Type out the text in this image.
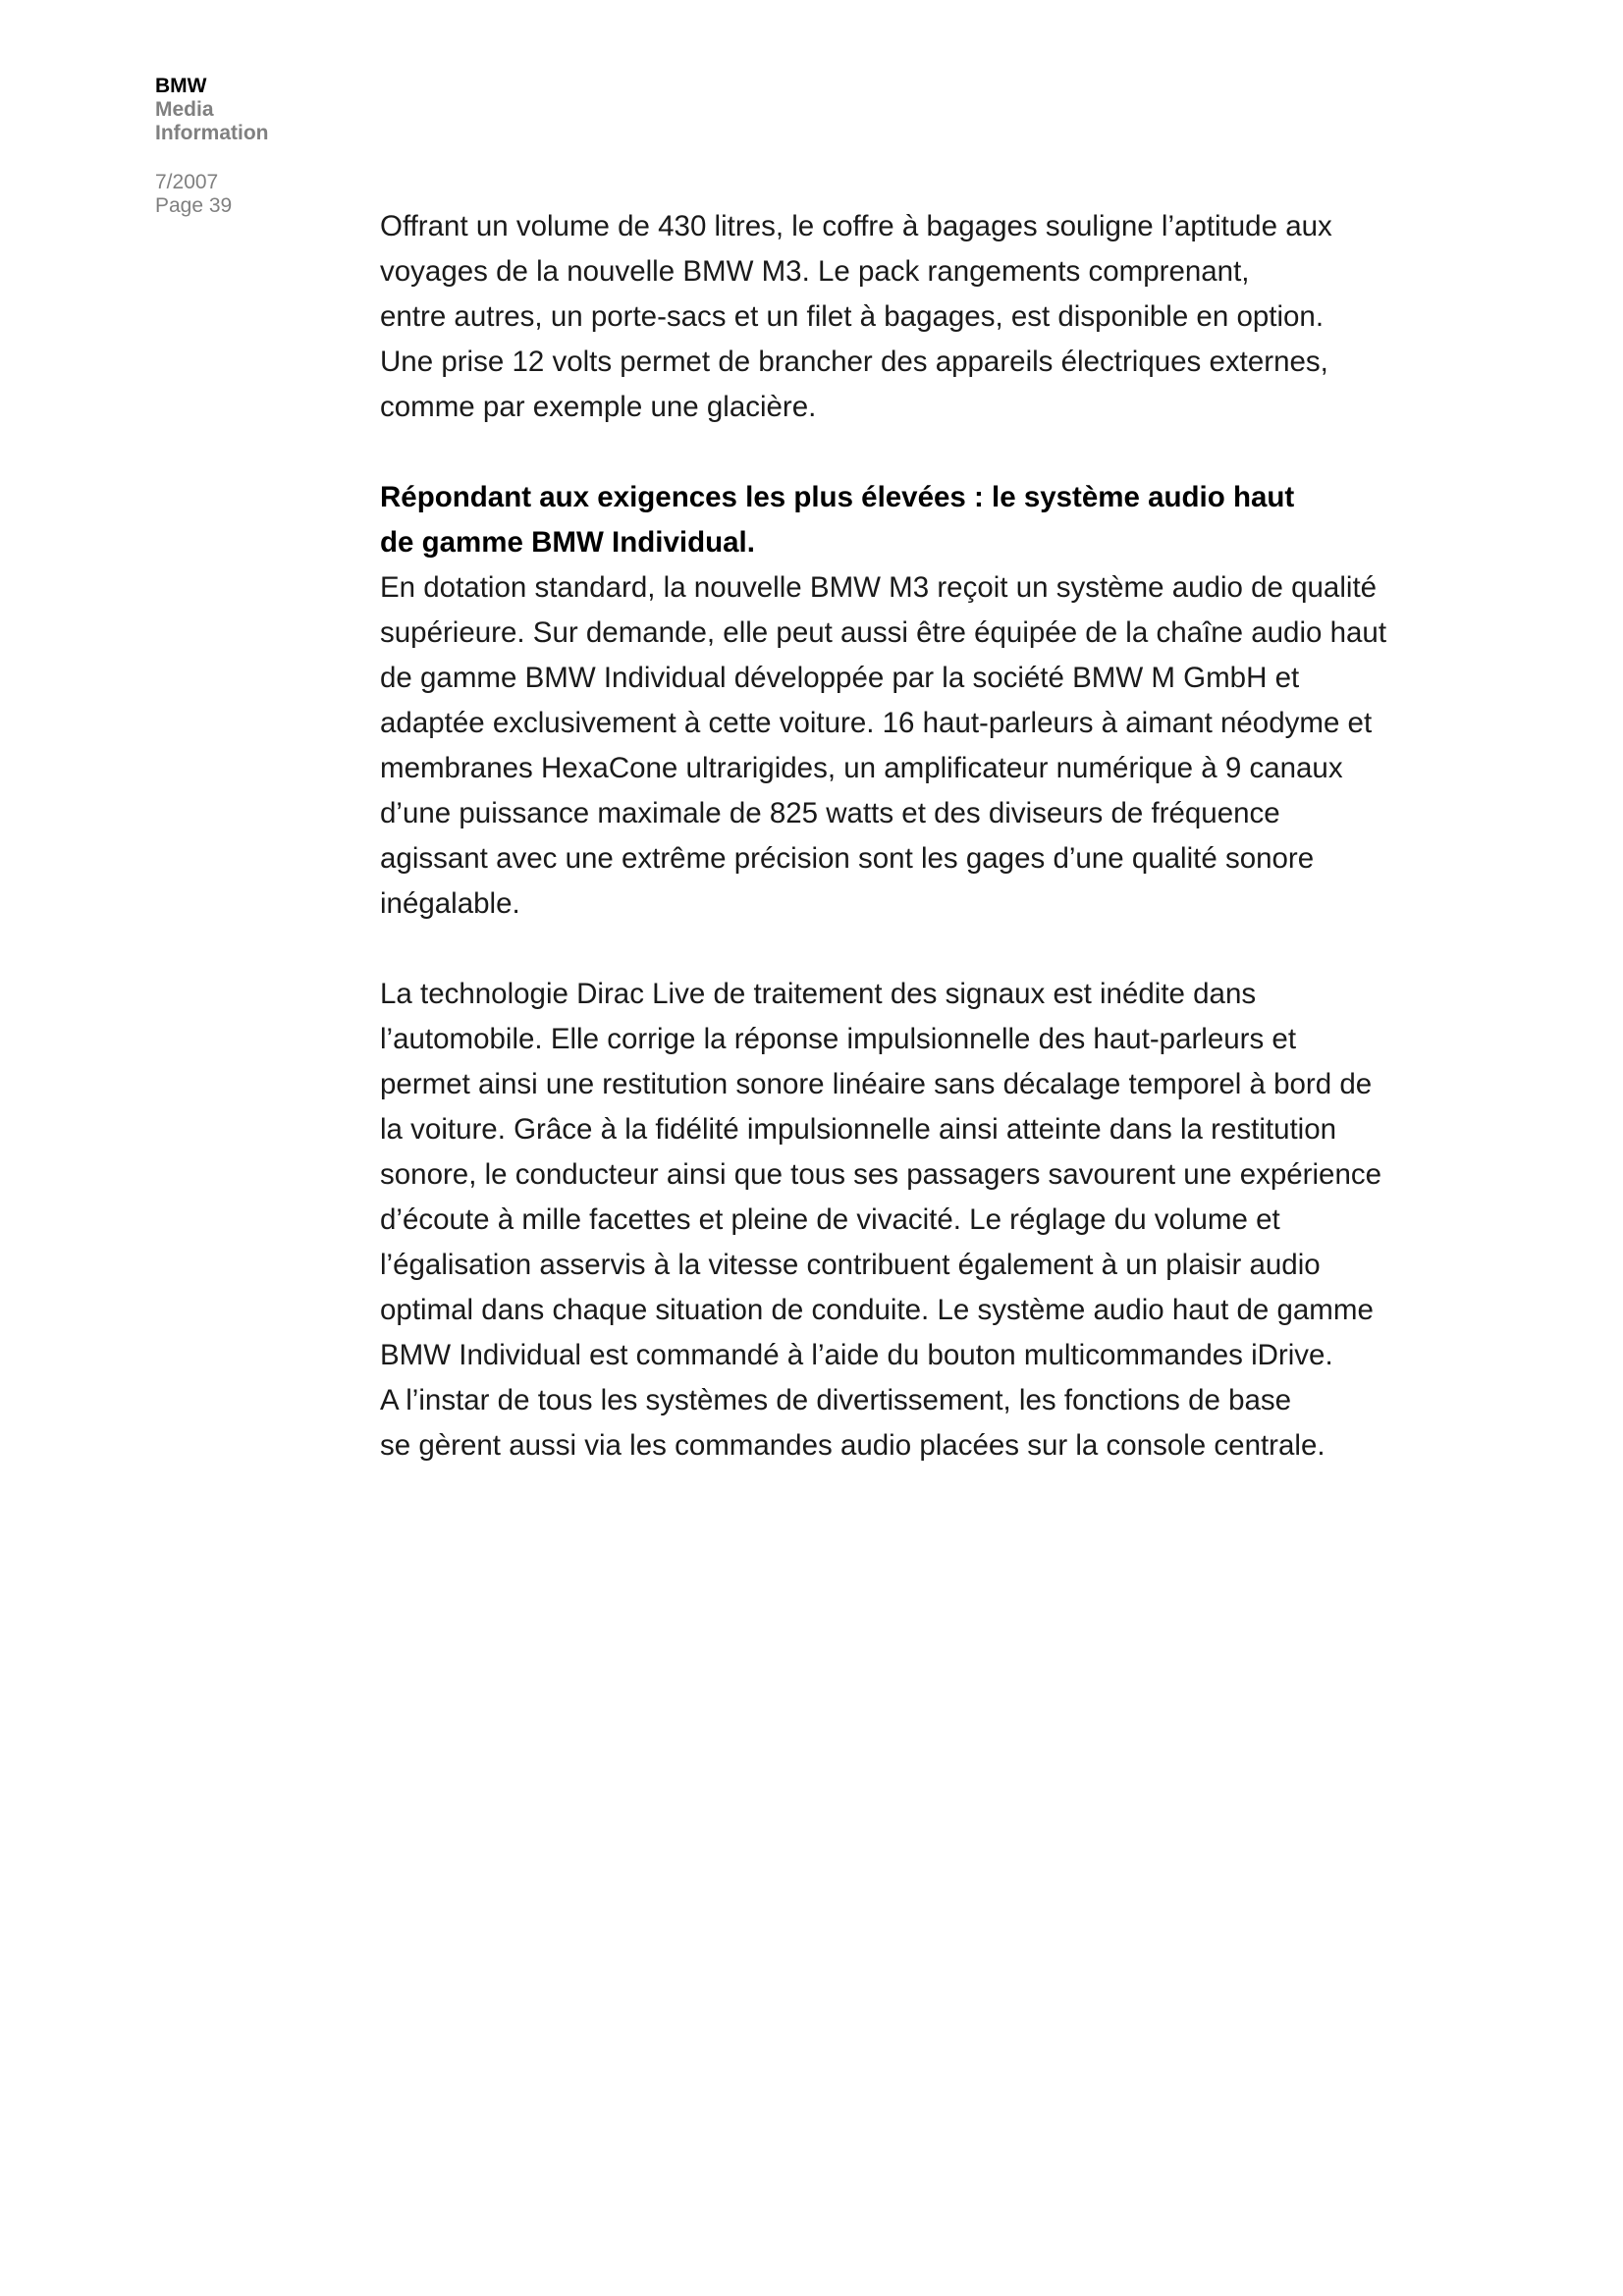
BMW
Media
Information
7/2007
Page 39

Offrant un volume de 430 litres, le coffre à bagages souligne l’aptitude aux
voyages de la nouvelle BMW M3. Le pack rangements comprenant,
entre autres, un porte-sacs et un filet à bagages, est disponible en option.
Une prise 12 volts permet de brancher des appareils électriques externes,
comme par exemple une glacière.

Répondant aux exigences les plus élevées : le système audio haut
de gamme BMW Individual.

En dotation standard, la nouvelle BMW M3 reçoit un système audio de qualité
supérieure. Sur demande, elle peut aussi être équipée de la chaîne audio haut
de gamme BMW Individual développée par la société BMW M GmbH et
adaptée exclusivement à cette voiture. 16 haut-parleurs à aimant néodyme et
membranes HexaCone ultrarigides, un amplificateur numérique à 9 canaux
d’une puissance maximale de 825 watts et des diviseurs de fréquence
agissant avec une extrême précision sont les gages d’une qualité sonore
inégalable.

La technologie Dirac Live de traitement des signaux est inédite dans
l’automobile. Elle corrige la réponse impulsionnelle des haut-parleurs et
permet ainsi une restitution sonore linéaire sans décalage temporel à bord de
la voiture. Grâce à la fidélité impulsionnelle ainsi atteinte dans la restitution
sonore, le conducteur ainsi que tous ses passagers savourent une expérience
d’écoute à mille facettes et pleine de vivacité. Le réglage du volume et
l’égalisation asservis à la vitesse contribuent également à un plaisir audio
optimal dans chaque situation de conduite. Le système audio haut de gamme
BMW Individual est commandé à l’aide du bouton multicommandes iDrive.
A l’instar de tous les systèmes de divertissement, les fonctions de base
se gèrent aussi via les commandes audio placées sur la console centrale.
